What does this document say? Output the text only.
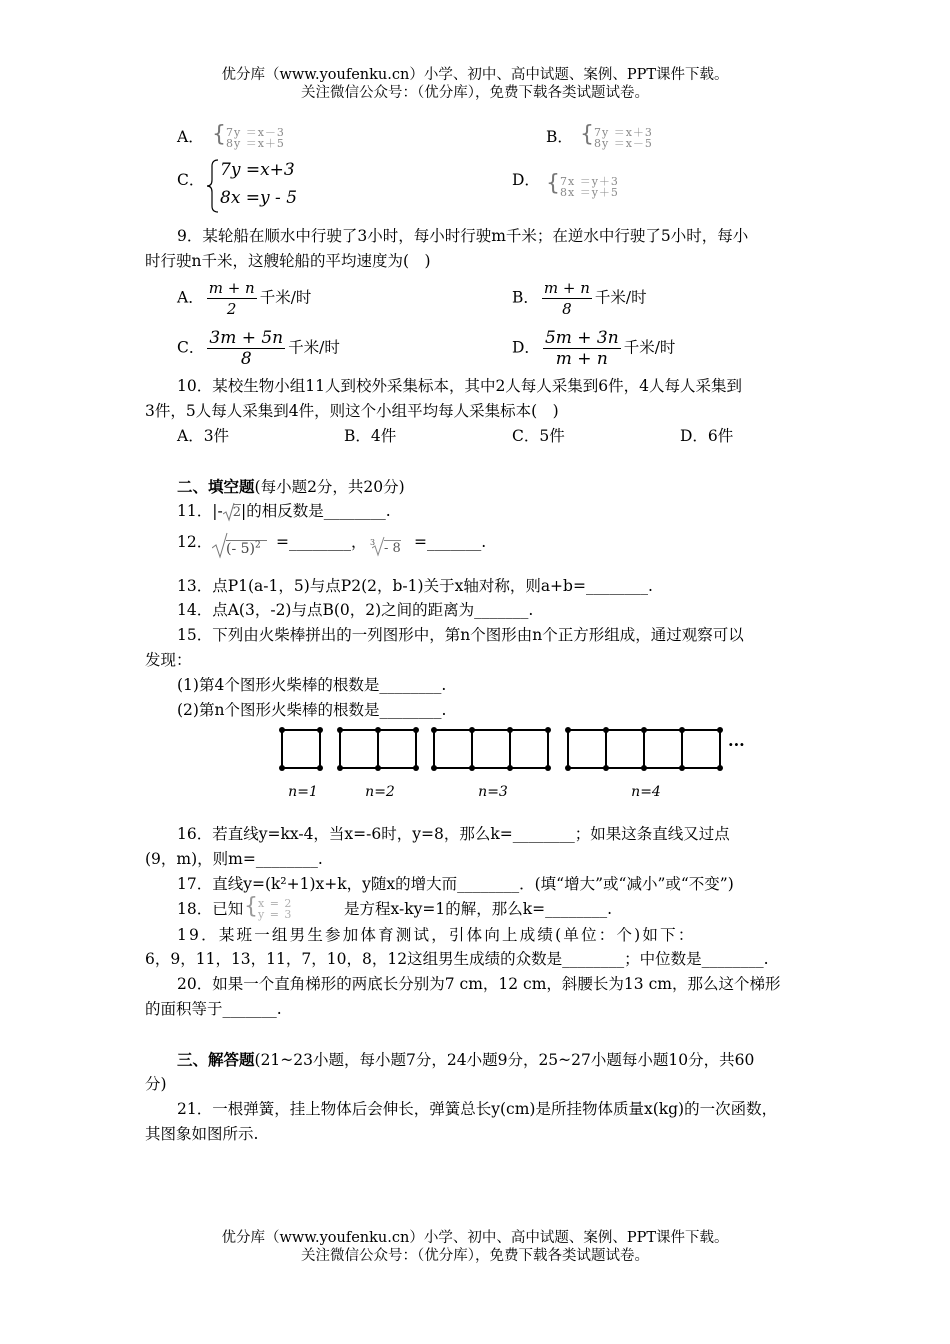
优分库（www.youfenku.cn）小学、初中、高中试题、案例、PPT课件下载。
关注微信公众号：（优分库），免费下载各类试题试卷。
A． { 7y ＝x－3
8y ＝x＋5	B． { 7y ＝x＋3
8y ＝x－5
C． 7y =x+3
8x =y - 5
D． { 7x ＝y＋3
8x ＝y＋5
9．某轮船在顺水中行驶了3小时，每小时行驶m千米；在逆水中行驶了5小时，每小
时行驶n千米，这艘轮船的平均速度为(　)
A． $\frac{m + n}{2}$ 千米/时	B． $\frac{m + n}{8}$ 千米/时
C． $\frac{3m + 5n}{8}$ 千米/时	D． $\frac{5m + 3n}{m + n}$ 千米/时
10．某校生物小组11人到校外采集标本，其中2人每人采集到6件，4人每人采集到
3件，5人每人采集到4件，则这个小组平均每人采集标本(　)
A．3件	B．4件	C．5件	D．6件
二、填空题(每小题2分，共20分)
11．|- 2|的相反数是________.
12． (- 5)$^2$ =________， 3 - 8 =_______.
13．点P1(a-1，5)与点P2(2，b-1)关于x轴对称，则a+b=________.
14．点A(3，-2)与点B(0，2)之间的距离为_______.
15．下列由火柴棒拼出的一列图形中，第n个图形由n个正方形组成，通过观察可以
发现：
(1)第4个图形火柴棒的根数是________.
(2)第n个图形火柴棒的根数是________.
n=1	n=2	n=3	n=4
···
16．若直线y=kx-4，当x=-6时，y=8，那么k=________；如果这条直线又过点
(9，m)，则m=________.
17．直线y=(k²+1)x+k，y随x的增大而________．(填“增大”或“减小”或“不变”)
18．已知 { x = 2
y = 3	是方程x-ky=1的解，那么k=________.
19．某班一组男生参加体育测试，引体向上成绩(单位：个)如下：
6，9，11，13，11，7，10，8，12这组男生成绩的众数是________；中位数是________.
20．如果一个直角梯形的两底长分别为7 cm，12 cm，斜腰长为13 cm，那么这个梯形
的面积等于_______.
三、解答题(21~23小题，每小题7分，24小题9分，25~27小题每小题10分，共60
分)
21．一根弹簧，挂上物体后会伸长，弹簧总长y(cm)是所挂物体质量x(kg)的一次函数，
其图象如图所示.
优分库（www.youfenku.cn）小学、初中、高中试题、案例、PPT课件下载。
关注微信公众号：（优分库），免费下载各类试题试卷。
